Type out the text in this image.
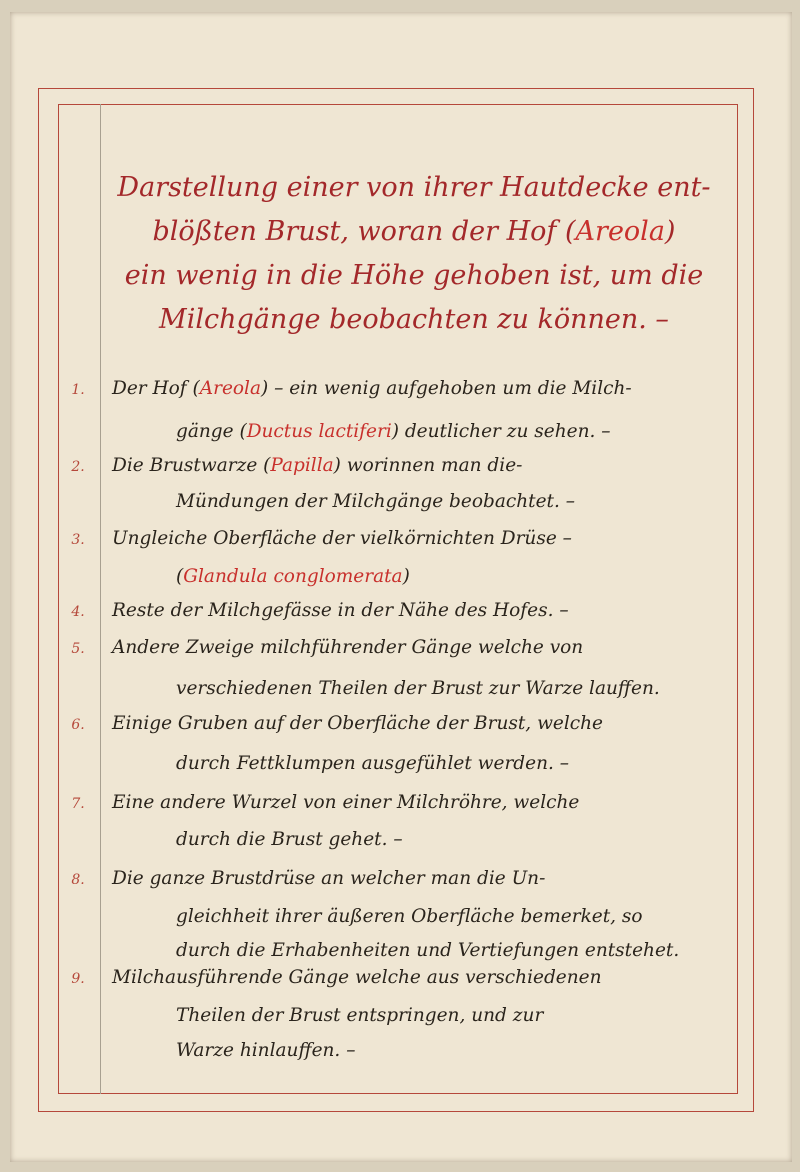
Darstellung einer von ihrer Hautdecke ent-
blößten Brust, woran der Hof (Areola)
ein wenig in die Höhe gehoben ist, um die
Milchgänge beobachten zu können. –
1. Der Hof (Areola) – ein wenig aufgehoben um die Milch-
gänge (Ductus lactiferi) deutlicher zu sehen. –
2. Die Brustwarze (Papilla) worinnen man die-
Mündungen der Milchgänge beobachtet. –
3. Ungleiche Oberfläche der vielkörnichten Drüse –
(Glandula conglomerata)
4. Reste der Milchgefässe in der Nähe des Hofes. –
5. Andere Zweige milchführender Gänge welche von
verschiedenen Theilen der Brust zur Warze lauffen.
6. Einige Gruben auf der Oberfläche der Brust, welche
durch Fettklumpen ausgefühlet werden. –
7. Eine andere Wurzel von einer Milchröhre, welche
durch die Brust gehet. –
8. Die ganze Brustdrüse an welcher man die Un-
gleichheit ihrer äußeren Oberfläche bemerket, so
durch die Erhabenheiten und Vertiefungen entstehet.
9. Milchausführende Gänge welche aus verschiedenen
Theilen der Brust entspringen, und zur
Warze hinlauffen. –
